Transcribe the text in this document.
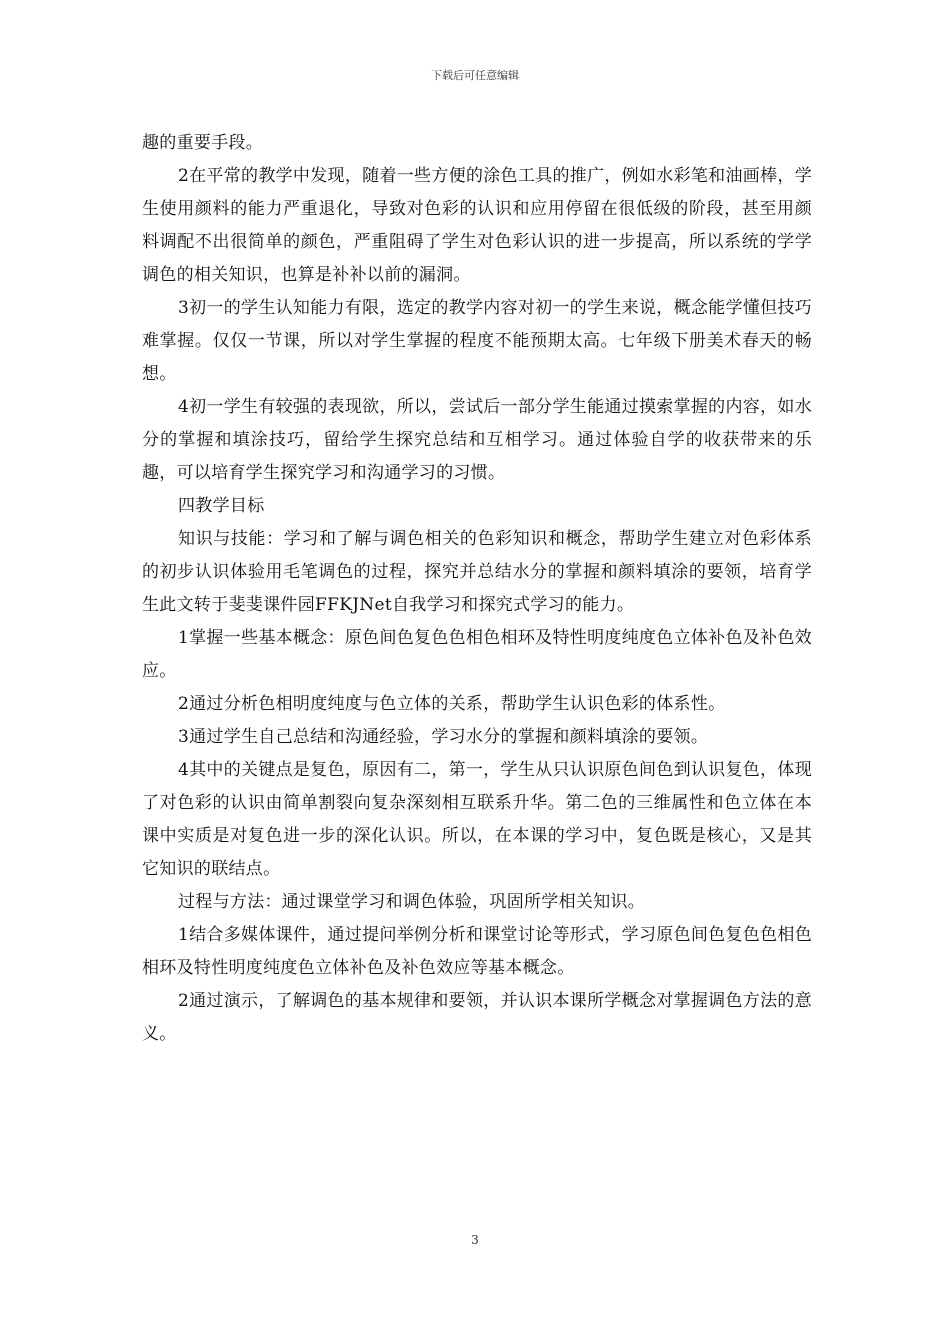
下载后可任意编辑

趣的重要手段。

2在平常的教学中发现，随着一些方便的涂色工具的推广，例如水彩笔和油画棒，学生使用颜料的能力严重退化，导致对色彩的认识和应用停留在很低级的阶段，甚至用颜料调配不出很简单的颜色，严重阻碍了学生对色彩认识的进一步提高，所以系统的学学调色的相关知识，也算是补补以前的漏洞。

3初一的学生认知能力有限，选定的教学内容对初一的学生来说，概念能学懂但技巧难掌握。仅仅一节课，所以对学生掌握的程度不能预期太高。七年级下册美术春天的畅想。

4初一学生有较强的表现欲，所以，尝试后一部分学生能通过摸索掌握的内容，如水分的掌握和填涂技巧，留给学生探究总结和互相学习。通过体验自学的收获带来的乐趣，可以培育学生探究学习和沟通学习的习惯。

四教学目标

知识与技能：学习和了解与调色相关的色彩知识和概念，帮助学生建立对色彩体系的初步认识体验用毛笔调色的过程，探究并总结水分的掌握和颜料填涂的要领，培育学生此文转于斐斐课件园FFKJNet自我学习和探究式学习的能力。

1掌握一些基本概念：原色间色复色色相色相环及特性明度纯度色立体补色及补色效应。

2通过分析色相明度纯度与色立体的关系，帮助学生认识色彩的体系性。

3通过学生自己总结和沟通经验，学习水分的掌握和颜料填涂的要领。

4其中的关键点是复色，原因有二，第一，学生从只认识原色间色到认识复色，体现了对色彩的认识由简单割裂向复杂深刻相互联系升华。第二色的三维属性和色立体在本课中实质是对复色进一步的深化认识。所以，在本课的学习中，复色既是核心，又是其它知识的联结点。

过程与方法：通过课堂学习和调色体验，巩固所学相关知识。

1结合多媒体课件，通过提问举例分析和课堂讨论等形式，学习原色间色复色色相色相环及特性明度纯度色立体补色及补色效应等基本概念。

2通过演示，了解调色的基本规律和要领，并认识本课所学概念对掌握调色方法的意义。

3
